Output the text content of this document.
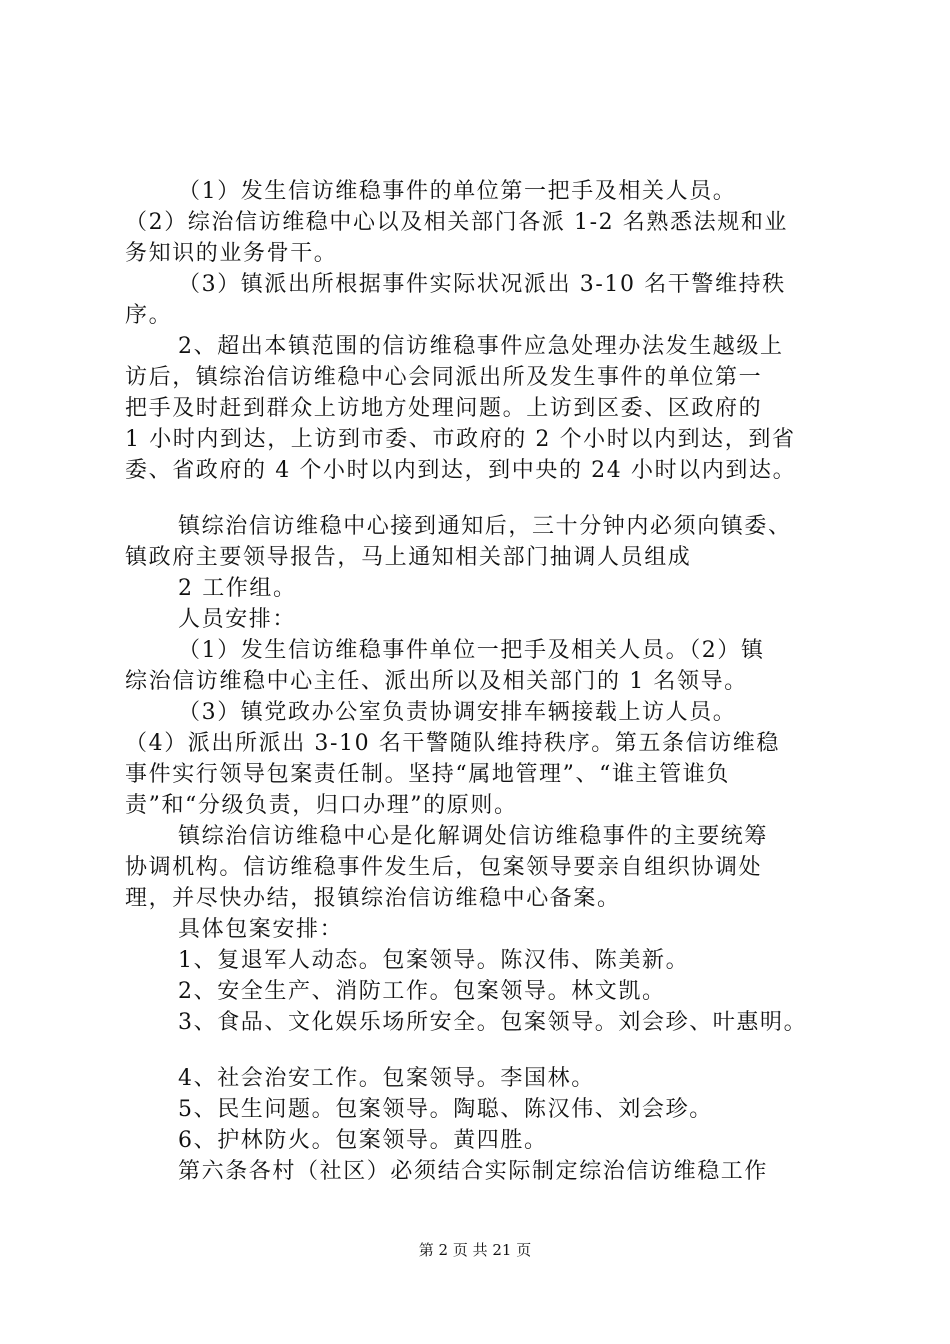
（1）发生信访维稳事件的单位第一把手及相关人员。
（2）综治信访维稳中心以及相关部门各派 1-2 名熟悉法规和业
务知识的业务骨干。
（3）镇派出所根据事件实际状况派出 3-10 名干警维持秩
序。
2、超出本镇范围的信访维稳事件应急处理办法发生越级上
访后，镇综治信访维稳中心会同派出所及发生事件的单位第一
把手及时赶到群众上访地方处理问题。上访到区委、区政府的
1 小时内到达，上访到市委、市政府的 2 个小时以内到达，到省
委、省政府的 4 个小时以内到达，到中央的 24 小时以内到达。
镇综治信访维稳中心接到通知后，三十分钟内必须向镇委、
镇政府主要领导报告，马上通知相关部门抽调人员组成
2 工作组。
人员安排：
（1）发生信访维稳事件单位一把手及相关人员。（2）镇
综治信访维稳中心主任、派出所以及相关部门的 1 名领导。
（3）镇党政办公室负责协调安排车辆接载上访人员。
（4）派出所派出 3-10 名干警随队维持秩序。第五条信访维稳
事件实行领导包案责任制。坚持“属地管理”、“谁主管谁负
责”和“分级负责，归口办理”的原则。
镇综治信访维稳中心是化解调处信访维稳事件的主要统筹
协调机构。信访维稳事件发生后，包案领导要亲自组织协调处
理，并尽快办结，报镇综治信访维稳中心备案。
具体包案安排：
1、复退军人动态。包案领导。陈汉伟、陈美新。
2、安全生产、消防工作。包案领导。林文凯。
3、食品、文化娱乐场所安全。包案领导。刘会珍、叶惠明。
4、社会治安工作。包案领导。李国林。
5、民生问题。包案领导。陶聪、陈汉伟、刘会珍。
6、护林防火。包案领导。黄四胜。
第六条各村（社区）必须结合实际制定综治信访维稳工作
第 2 页 共 21 页
